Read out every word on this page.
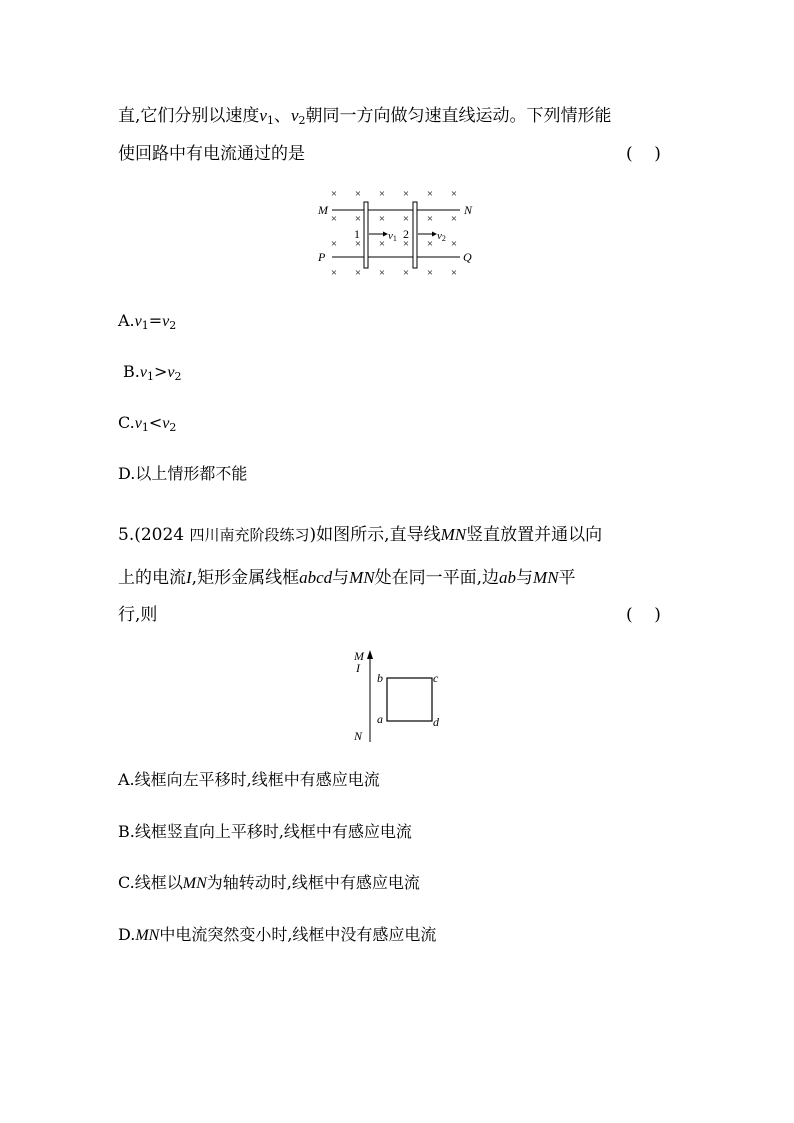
直,它们分别以速度$v_1$、$v_2$朝同一方向做匀速直线运动。下列情形能
使回路中有电流通过的是	(    )
× × × × × ×
× × × × × ×
× × × × × ×
× × × × × ×
M	N
P	Q
1	2
v1	v2
$A.v_1=v_2$
$B.v_1>v_2$
$C.v_1<v_2$
D.以上情形都不能
5.(2024 四川南充阶段练习)如图所示,直导线MN竖直放置并通以向
上的电流I,矩形金属线框abcd与MN处在同一平面,边ab与MN平
行,则	(    )
M
I
N
b	c
a	d
A.线框向左平移时,线框中有感应电流
B.线框竖直向上平移时,线框中有感应电流
C.线框以MN为轴转动时,线框中有感应电流
D.MN中电流突然变小时,线框中没有感应电流
